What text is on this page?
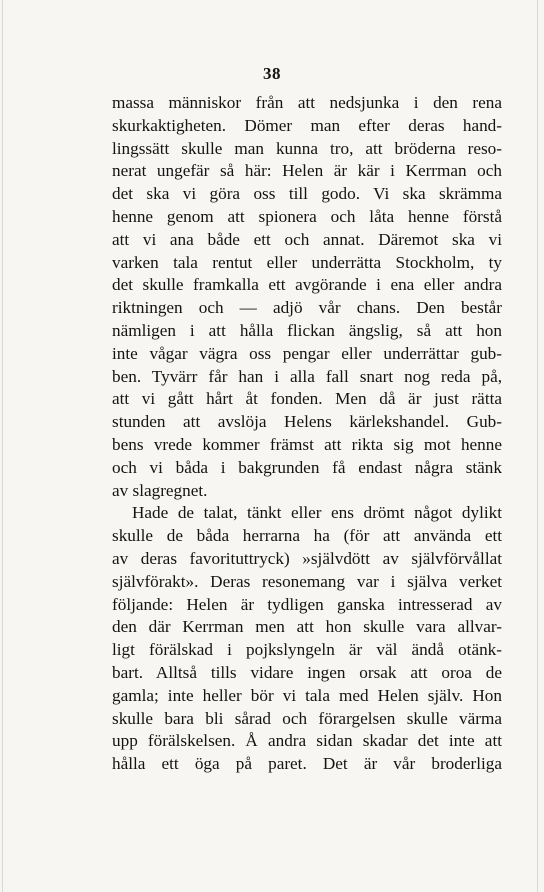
38
massa människor från att nedsjunka i den rena
skurkaktigheten. Dömer man efter deras hand-
lingssätt skulle man kunna tro, att bröderna reso-
nerat ungefär så här: Helen är kär i Kerrman och
det ska vi göra oss till godo. Vi ska skrämma
henne genom att spionera och låta henne förstå
att vi ana både ett och annat. Däremot ska vi
varken tala rentut eller underrätta Stockholm, ty
det skulle framkalla ett avgörande i ena eller andra
riktningen och — adjö vår chans. Den består
nämligen i att hålla flickan ängslig, så att hon
inte vågar vägra oss pengar eller underrättar gub-
ben. Tyvärr får han i alla fall snart nog reda på,
att vi gått hårt åt fonden. Men då är just rätta
stunden att avslöja Helens kärlekshandel. Gub-
bens vrede kommer främst att rikta sig mot henne
och vi båda i bakgrunden få endast några stänk
av slagregnet.
Hade de talat, tänkt eller ens drömt något dylikt
skulle de båda herrarna ha (för att använda ett
av deras favorituttryck) »självdött av självförvållat
självförakt». Deras resonemang var i själva verket
följande: Helen är tydligen ganska intresserad av
den där Kerrman men att hon skulle vara allvar-
ligt förälskad i pojkslyngeln är väl ändå otänk-
bart. Alltså tills vidare ingen orsak att oroa de
gamla; inte heller bör vi tala med Helen själv. Hon
skulle bara bli sårad och förargelsen skulle värma
upp förälskelsen. Å andra sidan skadar det inte att
hålla ett öga på paret. Det är vår broderliga
